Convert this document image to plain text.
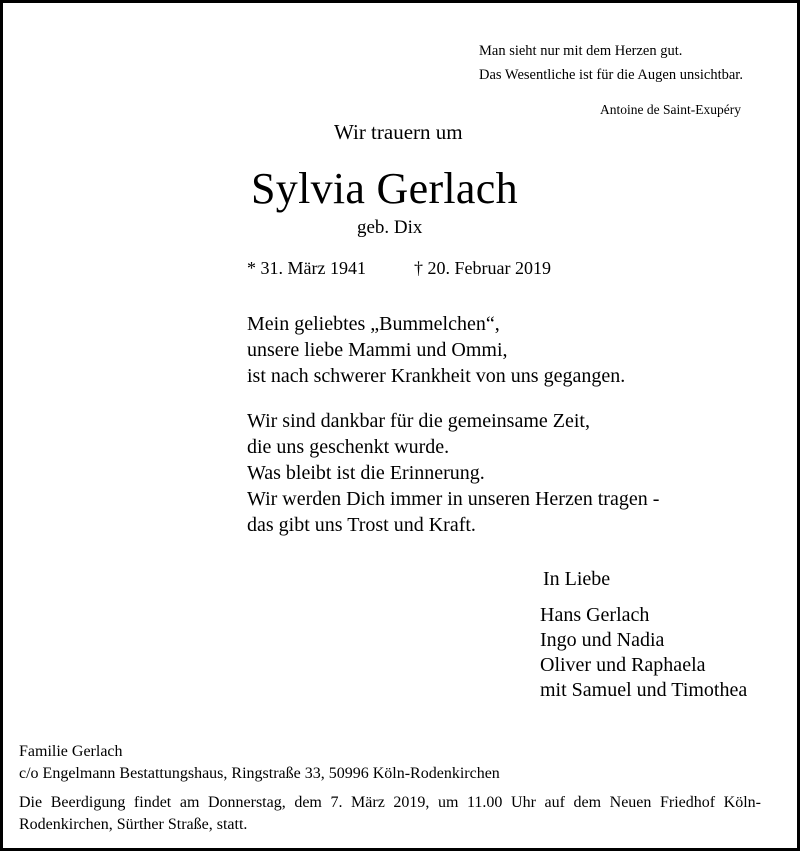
Man sieht nur mit dem Herzen gut.
Das Wesentliche ist für die Augen unsichtbar.
Antoine de Saint-Exupéry
Wir trauern um
Sylvia Gerlach
geb. Dix
* 31. März 1941	† 20. Februar 2019
Mein geliebtes „Bummelchen“,
unsere liebe Mammi und Ommi,
ist nach schwerer Krankheit von uns gegangen.
Wir sind dankbar für die gemeinsame Zeit,
die uns geschenkt wurde.
Was bleibt ist die Erinnerung.
Wir werden Dich immer in unseren Herzen tragen -
das gibt uns Trost und Kraft.
In Liebe
Hans Gerlach
Ingo und Nadia
Oliver und Raphaela
mit Samuel und Timothea
Familie Gerlach
c/o Engelmann Bestattungshaus, Ringstraße 33, 50996 Köln-Rodenkirchen
Die Beerdigung findet am Donnerstag, dem 7. März 2019, um 11.00 Uhr auf dem Neuen Friedhof Köln-Rodenkirchen, Sürther Straße, statt.
